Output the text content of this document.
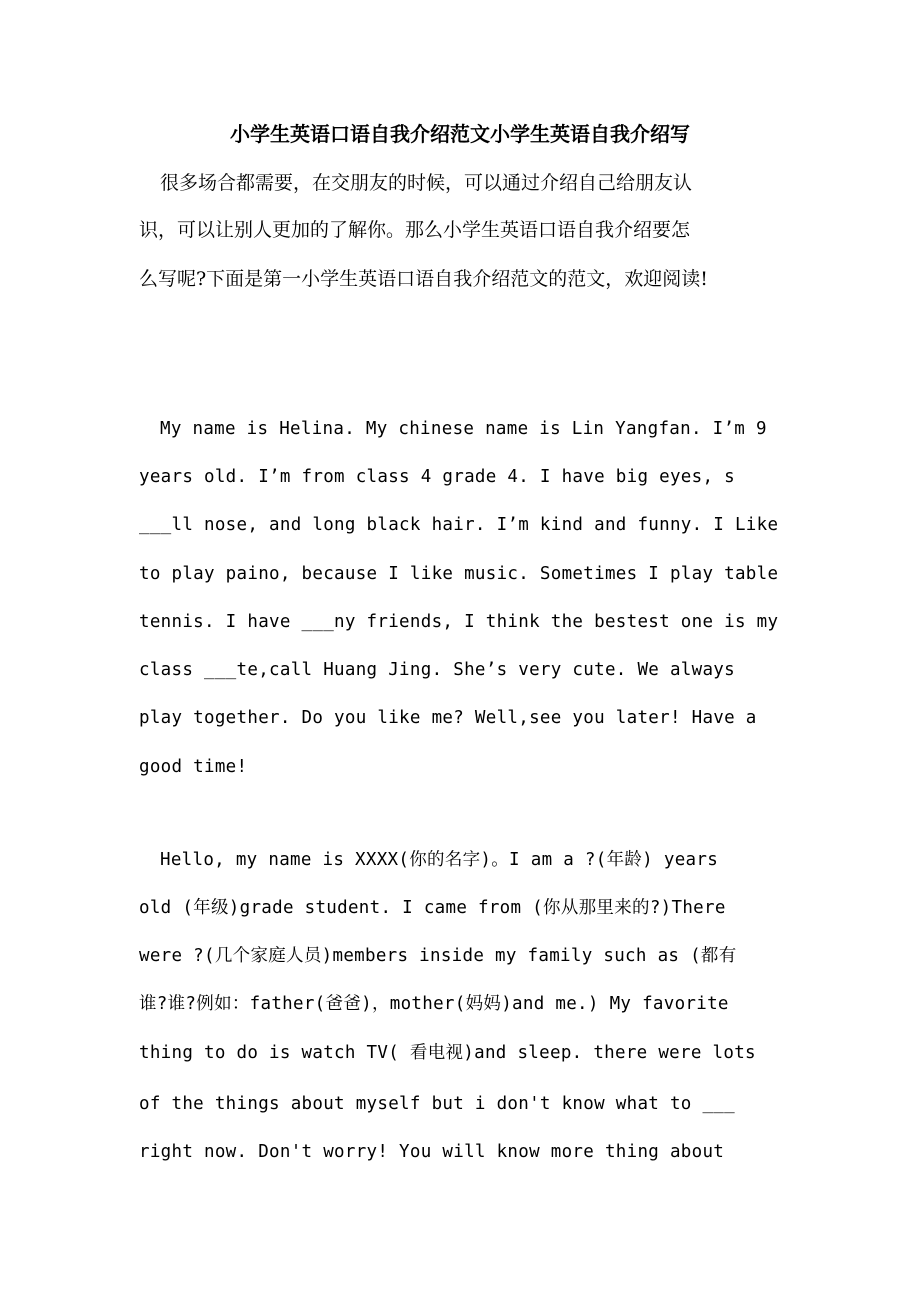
小学生英语口语自我介绍范文小学生英语自我介绍写
很多场合都需要，在交朋友的时候，可以通过介绍自己给朋友认
识，可以让别人更加的了解你。那么小学生英语口语自我介绍要怎
么写呢?下面是第一小学生英语口语自我介绍范文的范文，欢迎阅读!
My name is Helina. My chinese name is Lin Yangfan. I’m 9
years old. I’m from class 4 grade 4. I have big eyes, s
___ll nose, and long black hair. I’m kind and funny. I Like
to play paino, because I like music. Sometimes I play table
tennis. I have ___ny friends, I think the bestest one is my
class ___te,call Huang Jing. She’s very cute. We always
play together. Do you like me? Well,see you later! Have a
good time!
Hello, my name is XXXX(你的名字)。I am a ?(年龄) years
old (年级)grade student. I came from (你从那里来的?)There
were ?(几个家庭人员)members inside my family such as (都有
谁?谁?例如：father(爸爸)，mother(妈妈)and me.) My favorite
thing to do is watch TV( 看电视)and sleep. there were lots
of the things about myself but i don't know what to ___
right now. Don't worry! You will know more thing about
